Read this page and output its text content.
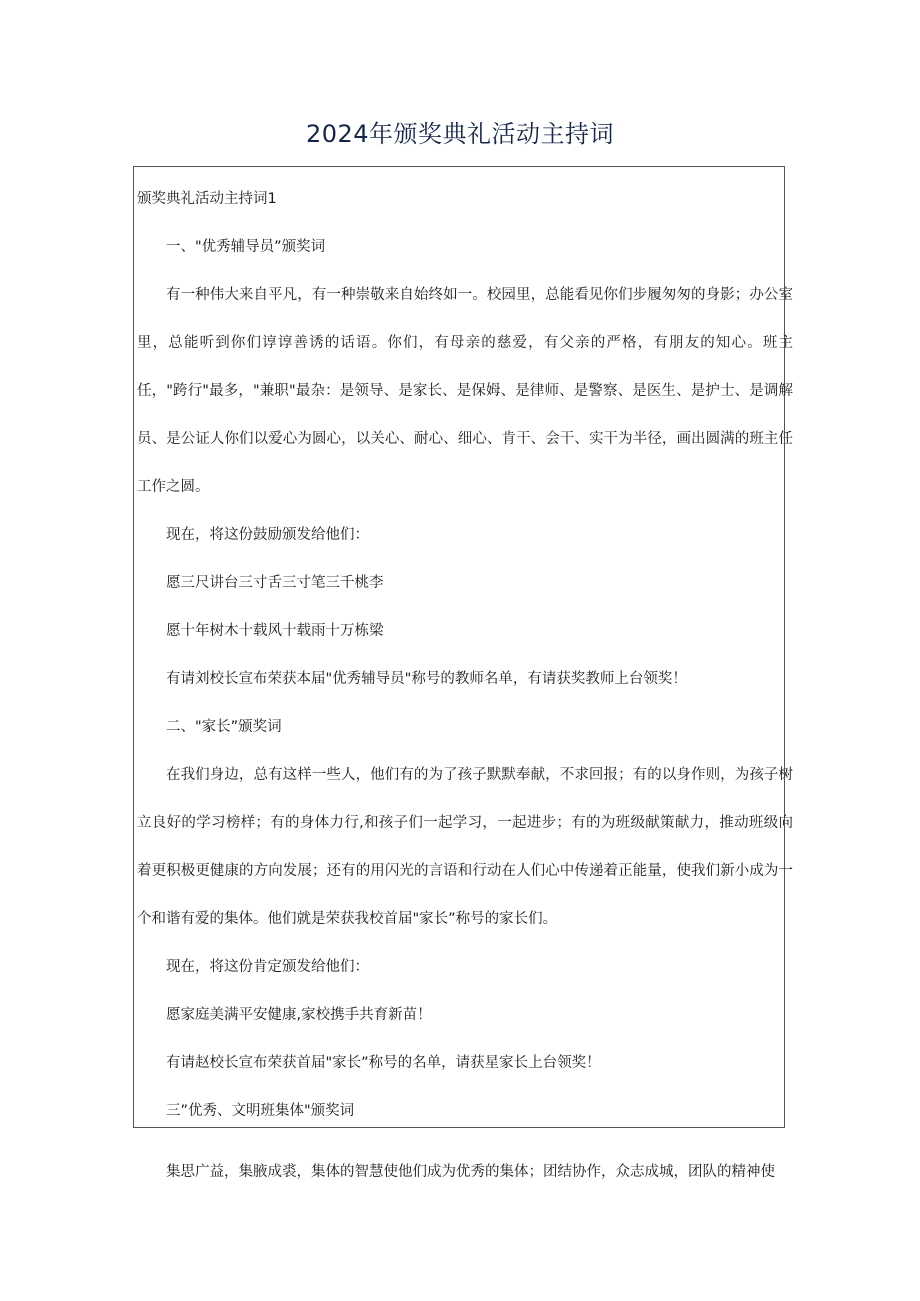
2024年颁奖典礼活动主持词

颁奖典礼活动主持词1

一、"优秀辅导员”颁奖词

有一种伟大来自平凡，有一种崇敬来自始终如一。校园里，总能看见你们步履匆匆的身影；办公室里，总能听到你们谆谆善诱的话语。你们，有母亲的慈爱，有父亲的严格，有朋友的知心。班主任，"跨行"最多，"兼职"最杂：是领导、是家长、是保姆、是律师、是警察、是医生、是护士、是调解员、是公证人你们以爱心为圆心，以关心、耐心、细心、肯干、会干、实干为半径，画出圆满的班主任工作之圆。

现在，将这份鼓励颁发给他们：

愿三尺讲台三寸舌三寸笔三千桃李

愿十年树木十载风十载雨十万栋梁

有请刘校长宣布荣获本届"优秀辅导员"称号的教师名单，有请获奖教师上台领奖！

二、"家长”颁奖词

在我们身边，总有这样一些人，他们有的为了孩子默默奉献，不求回报；有的以身作则，为孩子树立良好的学习榜样；有的身体力行,和孩子们一起学习，一起进步；有的为班级献策献力，推动班级向着更积极更健康的方向发展；还有的用闪光的言语和行动在人们心中传递着正能量，使我们新小成为一个和谐有爱的集体。他们就是荣获我校首届"家长”称号的家长们。

现在，将这份肯定颁发给他们：

愿家庭美满平安健康,家校携手共育新苗！

有请赵校长宣布荣获首届"家长”称号的名单，请获星家长上台领奖！

三”优秀、文明班集体"颁奖词

集思广益，集腋成裘，集体的智慧使他们成为优秀的集体；团结协作，众志成城，团队的精神使
